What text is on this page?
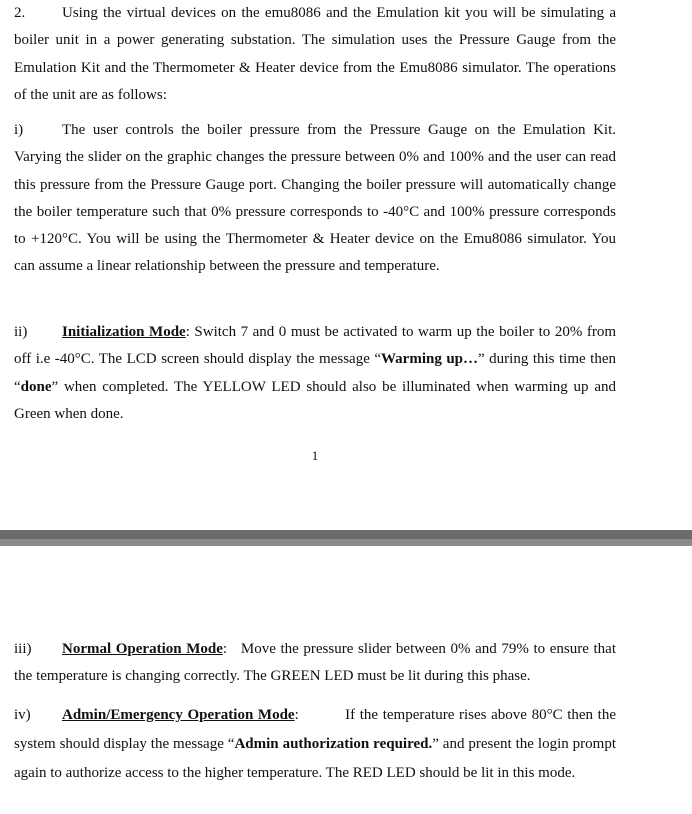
2. Using the virtual devices on the emu8086 and the Emulation kit you will be simulating a boiler unit in a power generating substation. The simulation uses the Pressure Gauge from the Emulation Kit and the Thermometer & Heater device from the Emu8086 simulator. The operations of the unit are as follows:

i)	The user controls the boiler pressure from the Pressure Gauge on the Emulation Kit. Varying the slider on the graphic changes the pressure between 0% and 100% and the user can read this pressure from the Pressure Gauge port. Changing the boiler pressure will automatically change the boiler temperature such that 0% pressure corresponds to -40°C and 100% pressure corresponds to +120°C. You will be using the Thermometer & Heater device on the Emu8086 simulator. You can assume a linear relationship between the pressure and temperature.

ii) Initialization Mode: Switch 7 and 0 must be activated to warm up the boiler to 20% from off i.e -40°C. The LCD screen should display the message “Warming up…” during this time then “done” when completed. The YELLOW LED should also be illuminated when warming up and Green when done.

1

iii) Normal Operation Mode:   Move the pressure slider between 0% and 79% to ensure that the temperature is changing correctly. The GREEN LED must be lit during this phase.

iv) Admin/Emergency Operation Mode:          If the temperature rises above 80°C then the system should display the message “Admin authorization required.” and present the login prompt again to authorize access to the higher temperature. The RED LED should be lit in this mode.
